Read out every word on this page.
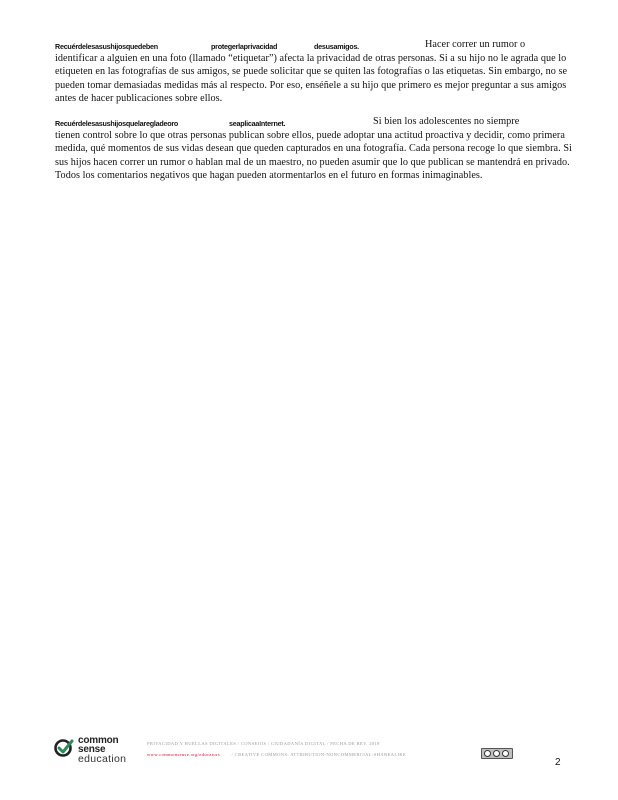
Recuérdelesasushijosquedeben	protegerlaprivacidad	desusamigos.	Hacer correr un rumor o
identificar a alguien en una foto (llamado “etiquetar”) afecta la privacidad de otras personas. Si a su hijo no le agrada que lo etiqueten en las fotografías de sus amigos, se puede solicitar que se quiten las fotografías o las etiquetas. Sin embargo, no se pueden tomar demasiadas medidas más al respecto. Por eso, enséñele a su hijo que primero es mejor preguntar a sus amigos antes de hacer publicaciones sobre ellos.
Recuérdelesasushijosquelaregladeoro	seaplicaaInternet.	Si bien los adolescentes no siempre
tienen control sobre lo que otras personas publican sobre ellos, puede adoptar una actitud proactiva y decidir, como primera medida, qué momentos de sus vidas desean que queden capturados en una fotografía. Cada persona recoge lo que siembra. Si sus hijos hacen correr un rumor o hablan mal de un maestro, no pueden asumir que lo que publican se mantendrá en privado. Todos los comentarios negativos que hagan pueden atormentarlos en el futuro en formas inimaginables.
common
sense
education
PRIVACIDAD Y HUELLAS DIGITALES / CONSEJOS / CIUDADANÍA DIGITAL / FECHA DE REV. 2018
www.commonsense.org/educators	/ CREATIVE COMMONS: ATTRIBUTION-NONCOMMERCIAL-SHAREALIKE
2
